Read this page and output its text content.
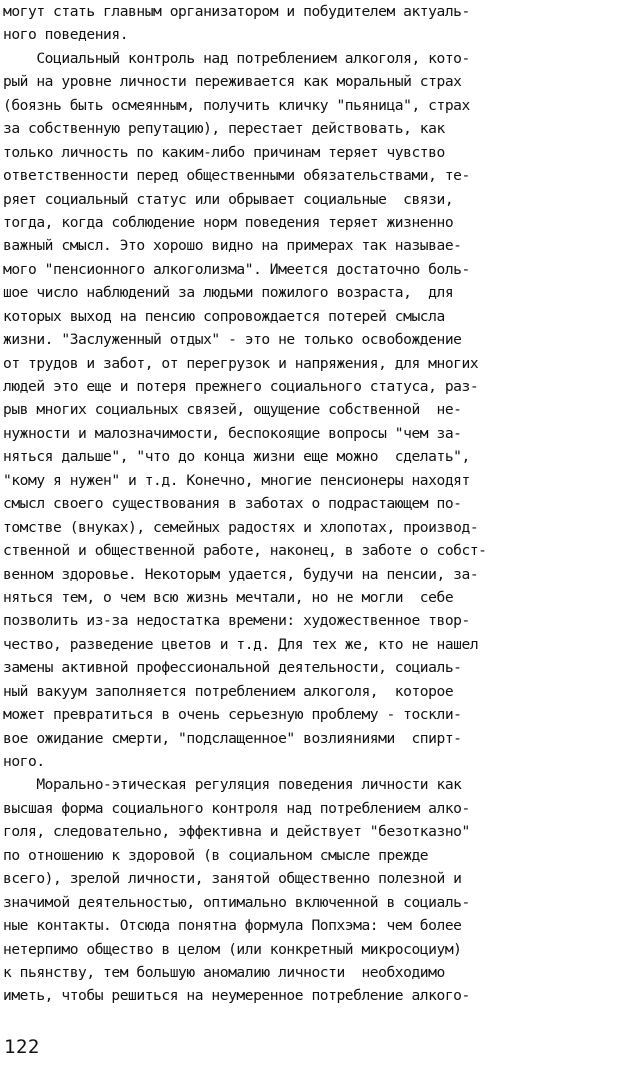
могут стать главным организатором и побудителем актуаль-
ного поведения.
Социальный контроль над потреблением алкоголя, кото-
рый на уровне личности переживается как моральный страх
(боязнь быть осмеянным, получить кличку "пьяница", страх
за собственную репутацию), перестает действовать, как
только личность по каким-либо причинам теряет чувство
ответственности перед общественными обязательствами, те-
ряет социальный статус или обрывает социальные  связи,
тогда, когда соблюдение норм поведения теряет жизненно
важный смысл. Это хорошо видно на примерах так называе-
мого "пенсионного алкоголизма". Имеется достаточно боль-
шое число наблюдений за людьми пожилого возраста,  для
которых выход на пенсию сопровождается потерей смысла
жизни. "Заслуженный отдых" - это не только освобождение
от трудов и забот, от перегрузок и напряжения, для многих
людей это еще и потеря прежнего социального статуса, раз-
рыв многих социальных связей, ощущение собственной  не-
нужности и малозначимости, беспокоящие вопросы "чем за-
няться дальше", "что до конца жизни еще можно  сделать",
"кому я нужен" и т.д. Конечно, многие пенсионеры находят
смысл своего существования в заботах о подрастающем по-
томстве (внуках), семейных радостях и хлопотах, производ-
ственной и общественной работе, наконец, в заботе о собст-
венном здоровье. Некоторым удается, будучи на пенсии, за-
няться тем, о чем всю жизнь мечтали, но не могли  себе
позволить из-за недостатка времени: художественное твор-
чество, разведение цветов и т.д. Для тех же, кто не нашел
замены активной профессиональной деятельности, социаль-
ный вакуум заполняется потреблением алкоголя,  которое
может превратиться в очень серьезную проблему - тоскли-
вое ожидание смерти, "подслащенное" возлияниями  спирт-
ного.
Морально-этическая регуляция поведения личности как
высшая форма социального контроля над потреблением алко-
голя, следовательно, эффективна и действует "безотказно"
по отношению к здоровой (в социальном смысле прежде
всего), зрелой личности, занятой общественно полезной и
значимой деятельностью, оптимально включенной в социаль-
ные контакты. Отсюда понятна формула Попхэма: чем более
нетерпимо общество в целом (или конкретный микросоциум)
к пьянству, тем большую аномалию личности  необходимо
иметь, чтобы решиться на неумеренное потребление алкого-
122
